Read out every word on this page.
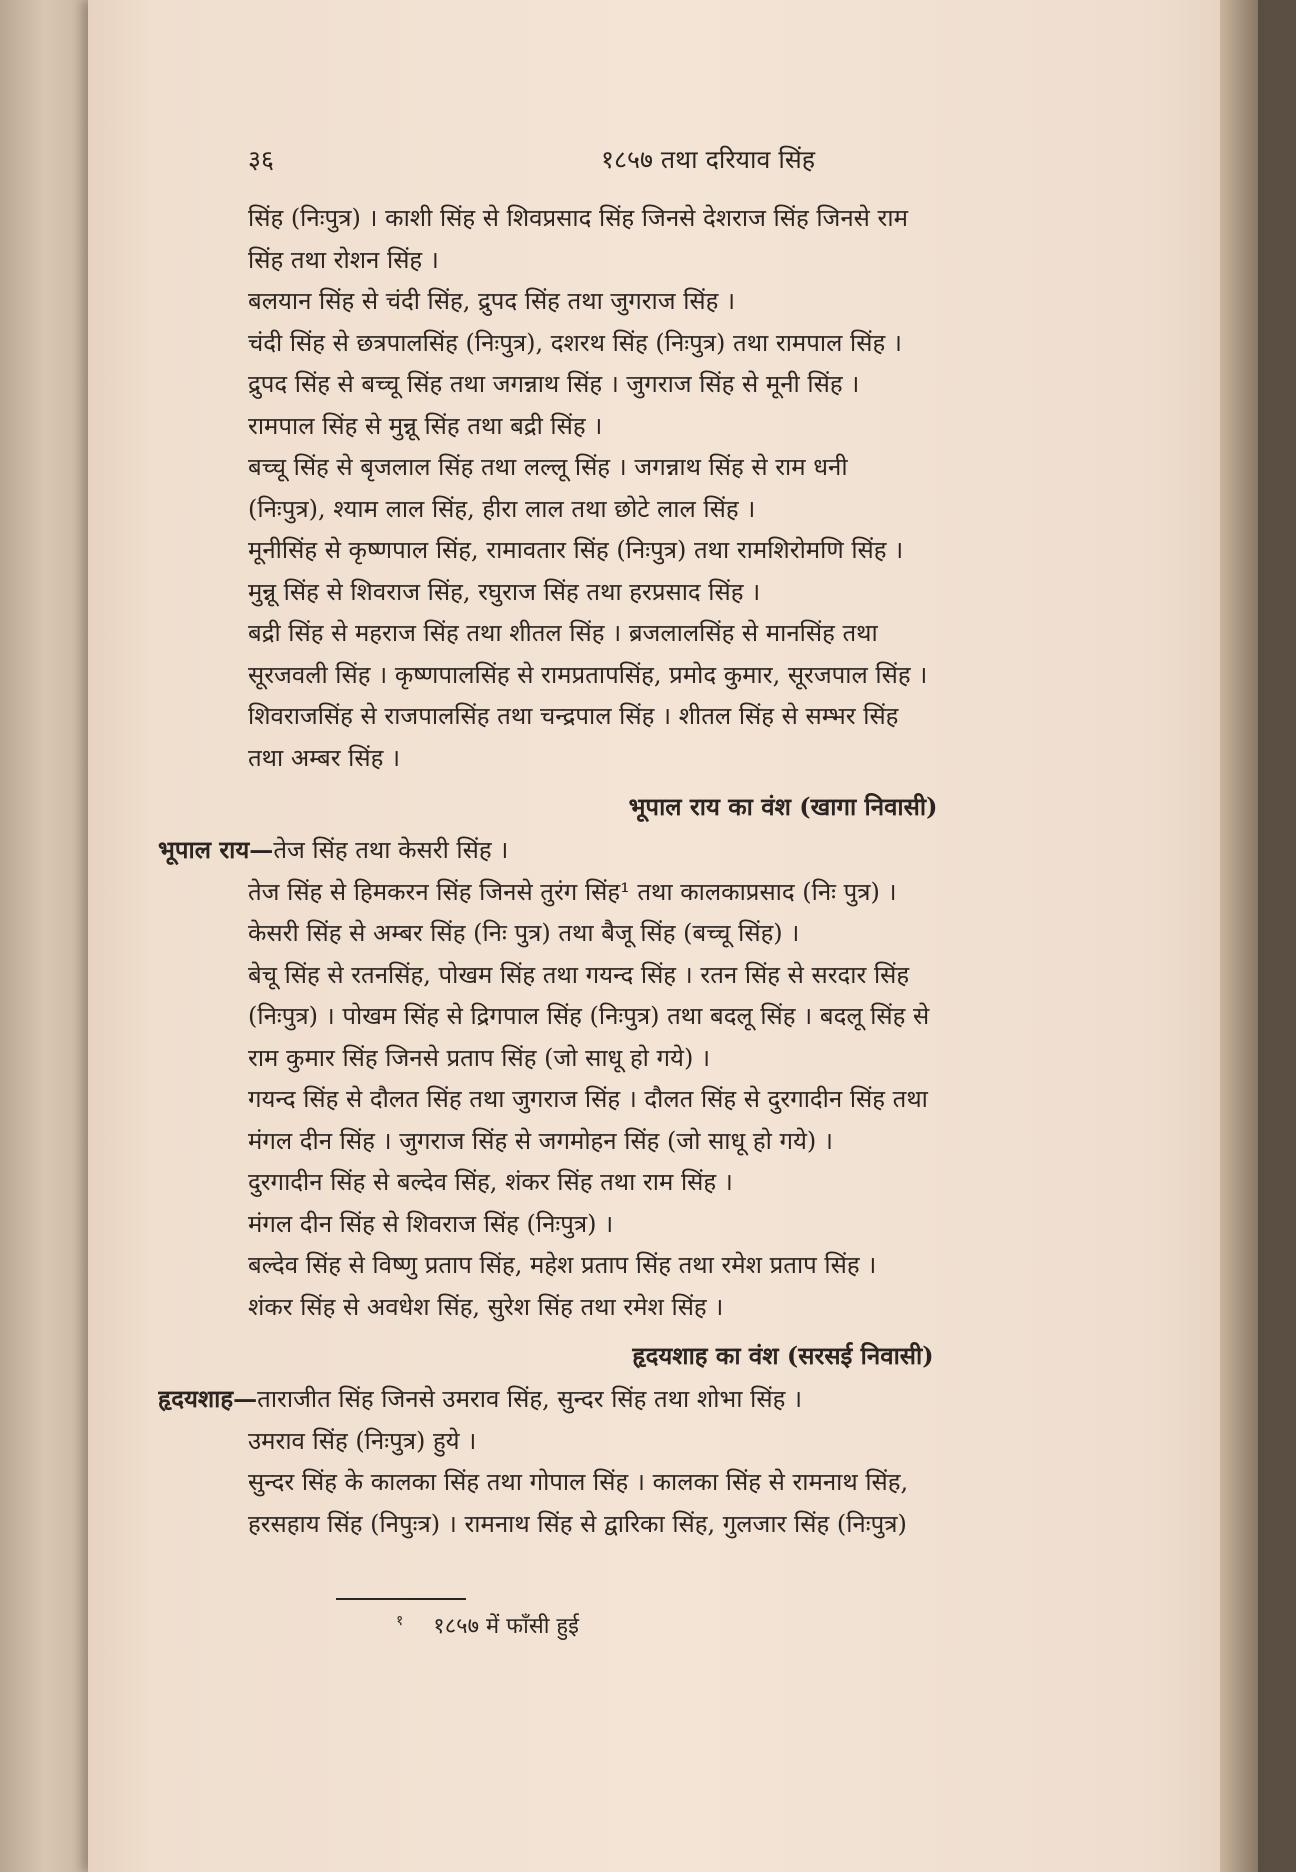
३६	१८५७ तथा दरियाव सिंह
सिंह (निःपुत्र) । काशी सिंह से शिवप्रसाद सिंह जिनसे देशराज सिंह जिनसे राम
सिंह तथा रोशन सिंह ।
बलयान सिंह से चंदी सिंह, द्रुपद सिंह तथा जुगराज सिंह ।
चंदी सिंह से छत्रपालसिंह (निःपुत्र), दशरथ सिंह (निःपुत्र) तथा रामपाल सिंह ।
द्रुपद सिंह से बच्चू सिंह तथा जगन्नाथ सिंह । जुगराज सिंह से मूनी सिंह ।
रामपाल सिंह से मुन्नू सिंह तथा बद्री सिंह ।
बच्चू सिंह से बृजलाल सिंह तथा लल्लू सिंह । जगन्नाथ सिंह से राम धनी
(निःपुत्र), श्याम लाल सिंह, हीरा लाल तथा छोटे लाल सिंह ।
मूनीसिंह से कृष्णपाल सिंह, रामावतार सिंह (निःपुत्र) तथा रामशिरोमणि सिंह ।
मुन्नू सिंह से शिवराज सिंह, रघुराज सिंह तथा हरप्रसाद सिंह ।
बद्री सिंह से महराज सिंह तथा शीतल सिंह । ब्रजलालसिंह से मानसिंह तथा
सूरजवली सिंह । कृष्णपालसिंह से रामप्रतापसिंह, प्रमोद कुमार, सूरजपाल सिंह ।
शिवराजसिंह से राजपालसिंह तथा चन्द्रपाल सिंह । शीतल सिंह से सम्भर सिंह
तथा अम्बर सिंह ।
भूपाल राय का वंश (खागा निवासी)
भूपाल राय—तेज सिंह तथा केसरी सिंह ।
तेज सिंह से हिमकरन सिंह जिनसे तुरंग सिंह¹ तथा कालकाप्रसाद (निः पुत्र) ।
केसरी सिंह से अम्बर सिंह (निः पुत्र) तथा बैजू सिंह (बच्चू सिंह) ।
बेचू सिंह से रतनसिंह, पोखम सिंह तथा गयन्द सिंह । रतन सिंह से सरदार सिंह
(निःपुत्र) । पोखम सिंह से द्रिगपाल सिंह (निःपुत्र) तथा बदलू सिंह । बदलू सिंह से
राम कुमार सिंह जिनसे प्रताप सिंह (जो साधू हो गये) ।
गयन्द सिंह से दौलत सिंह तथा जुगराज सिंह । दौलत सिंह से दुरगादीन सिंह तथा
मंगल दीन सिंह । जुगराज सिंह से जगमोहन सिंह (जो साधू हो गये) ।
दुरगादीन सिंह से बल्देव सिंह, शंकर सिंह तथा राम सिंह ।
मंगल दीन सिंह से शिवराज सिंह (निःपुत्र) ।
बल्देव सिंह से विष्णु प्रताप सिंह, महेश प्रताप सिंह तथा रमेश प्रताप सिंह ।
शंकर सिंह से अवधेश सिंह, सुरेश सिंह तथा रमेश सिंह ।
हृदयशाह का वंश (सरसई निवासी)
हृदयशाह—ताराजीत सिंह जिनसे उमराव सिंह, सुन्दर सिंह तथा शोभा सिंह ।
उमराव सिंह (निःपुत्र) हुये ।
सुन्दर सिंह के कालका सिंह तथा गोपाल सिंह । कालका सिंह से रामनाथ सिंह,
हरसहाय सिंह (निपुःत्र) । रामनाथ सिंह से द्वारिका सिंह, गुलजार सिंह (निःपुत्र)
$^१$ १८५७ में फाँसी हुई
